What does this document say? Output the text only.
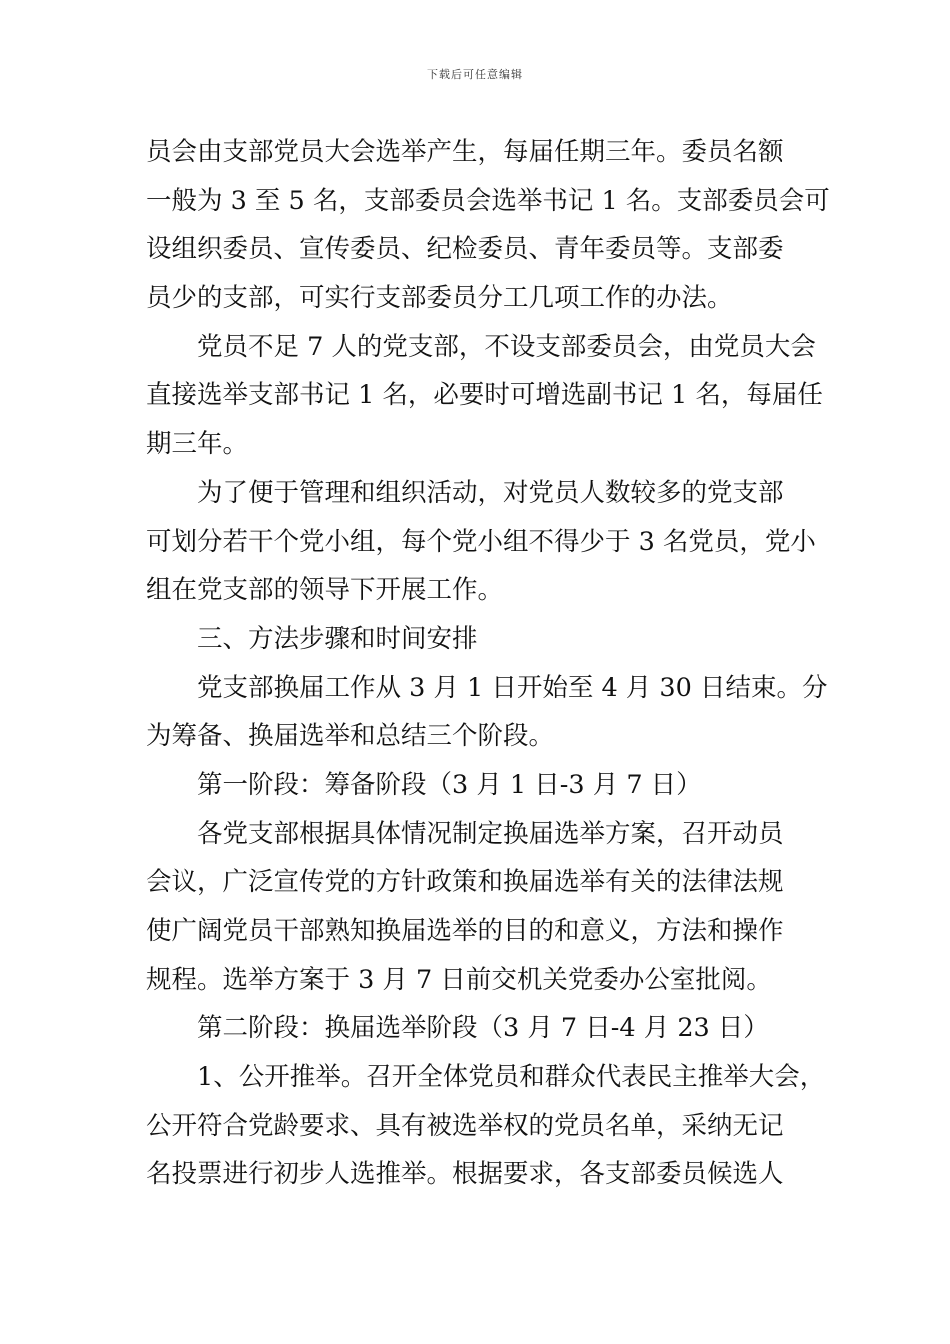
下载后可任意编辑
员会由支部党员大会选举产生，每届任期三年。委员名额
一般为 3 至 5 名，支部委员会选举书记 1 名。支部委员会可
设组织委员、宣传委员、纪检委员、青年委员等。支部委
员少的支部，可实行支部委员分工几项工作的办法。
党员不足 7 人的党支部，不设支部委员会，由党员大会
直接选举支部书记 1 名，必要时可增选副书记 1 名，每届任
期三年。
为了便于管理和组织活动，对党员人数较多的党支部
可划分若干个党小组，每个党小组不得少于 3 名党员，党小
组在党支部的领导下开展工作。
三、方法步骤和时间安排
党支部换届工作从 3 月 1 日开始至 4 月 30 日结束。分
为筹备、换届选举和总结三个阶段。
第一阶段：筹备阶段（3 月 1 日-3 月 7 日）
各党支部根据具体情况制定换届选举方案，召开动员
会议，广泛宣传党的方针政策和换届选举有关的法律法规
使广阔党员干部熟知换届选举的目的和意义，方法和操作
规程。选举方案于 3 月 7 日前交机关党委办公室批阅。
第二阶段：换届选举阶段（3 月 7 日-4 月 23 日）
1、公开推举。召开全体党员和群众代表民主推举大会，
公开符合党龄要求、具有被选举权的党员名单，采纳无记
名投票进行初步人选推举。根据要求，各支部委员候选人
